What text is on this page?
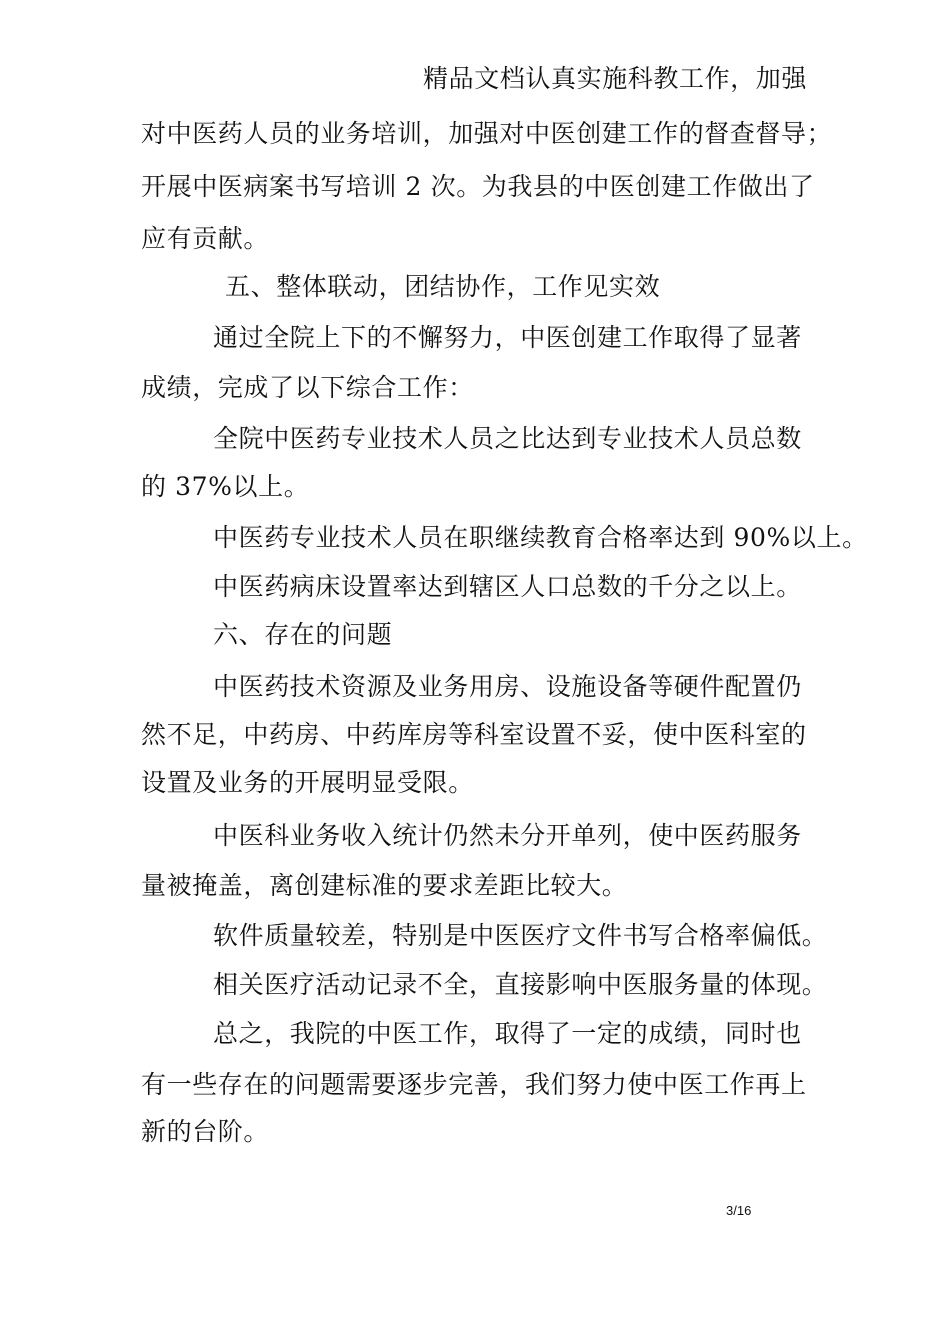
精品文档认真实施科教工作，加强
对中医药人员的业务培训，加强对中医创建工作的督查督导；
开展中医病案书写培训 2 次。为我县的中医创建工作做出了
应有贡献。
五、整体联动，团结协作，工作见实效
通过全院上下的不懈努力，中医创建工作取得了显著
成绩，完成了以下综合工作：
全院中医药专业技术人员之比达到专业技术人员总数
的 37%以上。
中医药专业技术人员在职继续教育合格率达到 90%以上。
中医药病床设置率达到辖区人口总数的千分之以上。
六、存在的问题
中医药技术资源及业务用房、设施设备等硬件配置仍
然不足，中药房、中药库房等科室设置不妥，使中医科室的
设置及业务的开展明显受限。
中医科业务收入统计仍然未分开单列，使中医药服务
量被掩盖，离创建标准的要求差距比较大。
软件质量较差，特别是中医医疗文件书写合格率偏低。
相关医疗活动记录不全，直接影响中医服务量的体现。
总之，我院的中医工作，取得了一定的成绩，同时也
有一些存在的问题需要逐步完善，我们努力使中医工作再上
新的台阶。
3/16
